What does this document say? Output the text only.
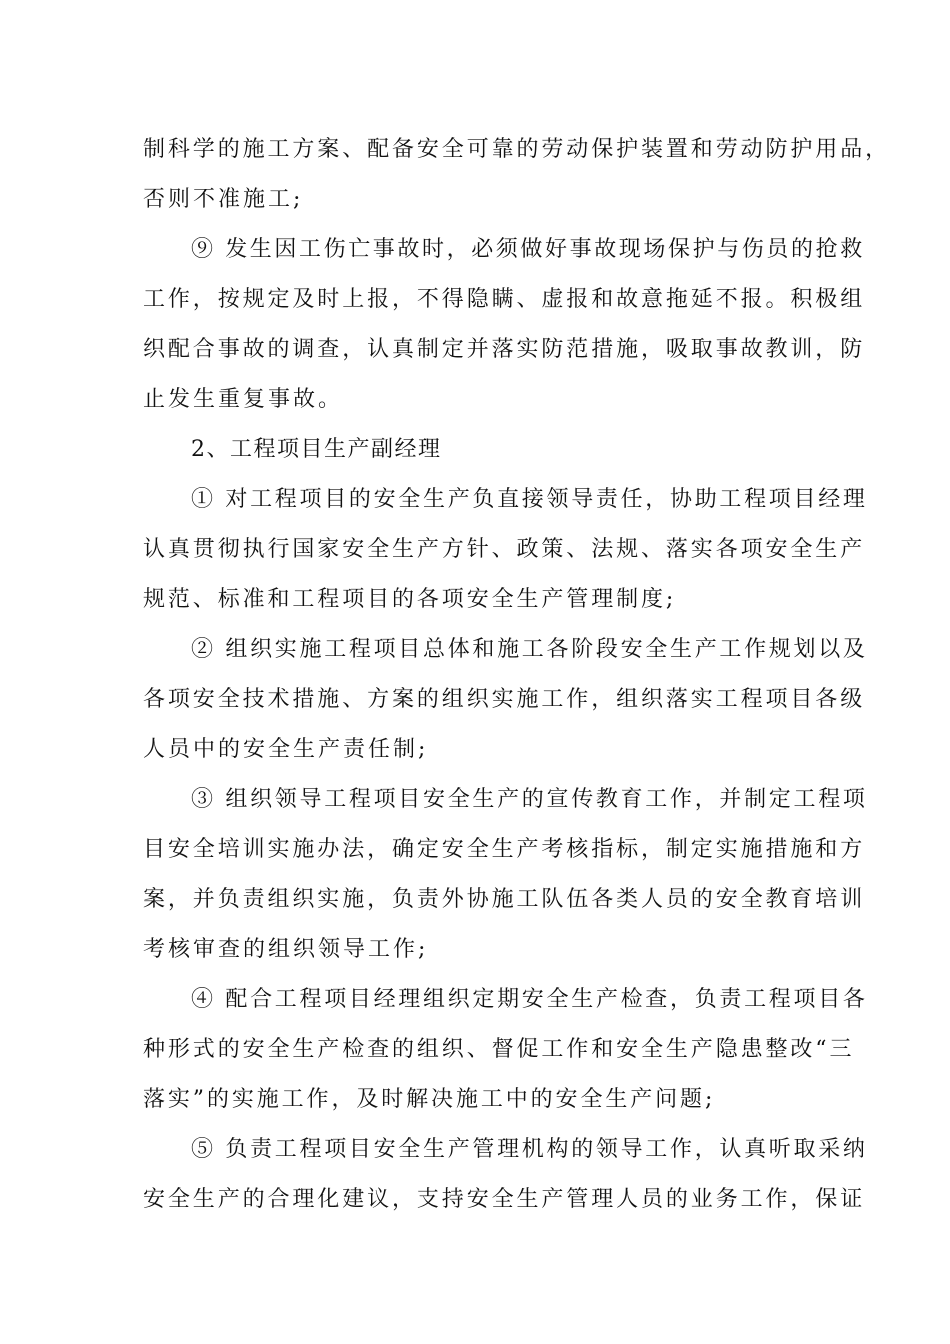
制科学的施工方案、配备安全可靠的劳动保护装置和劳动防护用品，
否则不准施工;
⑨ 发生因工伤亡事故时，必须做好事故现场保护与伤员的抢救
工作，按规定及时上报，不得隐瞒、虚报和故意拖延不报。积极组
织配合事故的调查，认真制定并落实防范措施，吸取事故教训，防
止发生重复事故。
2、工程项目生产副经理
① 对工程项目的安全生产负直接领导责任，协助工程项目经理
认真贯彻执行国家安全生产方针、政策、法规、落实各项安全生产
规范、标准和工程项目的各项安全生产管理制度;
② 组织实施工程项目总体和施工各阶段安全生产工作规划以及
各项安全技术措施、方案的组织实施工作，组织落实工程项目各级
人员中的安全生产责任制;
③ 组织领导工程项目安全生产的宣传教育工作，并制定工程项
目安全培训实施办法，确定安全生产考核指标，制定实施措施和方
案，并负责组织实施，负责外协施工队伍各类人员的安全教育培训
考核审查的组织领导工作;
④ 配合工程项目经理组织定期安全生产检查，负责工程项目各
种形式的安全生产检查的组织、督促工作和安全生产隐患整改“三
落实”的实施工作，及时解决施工中的安全生产问题;
⑤ 负责工程项目安全生产管理机构的领导工作，认真听取采纳
安全生产的合理化建议，支持安全生产管理人员的业务工作，保证
